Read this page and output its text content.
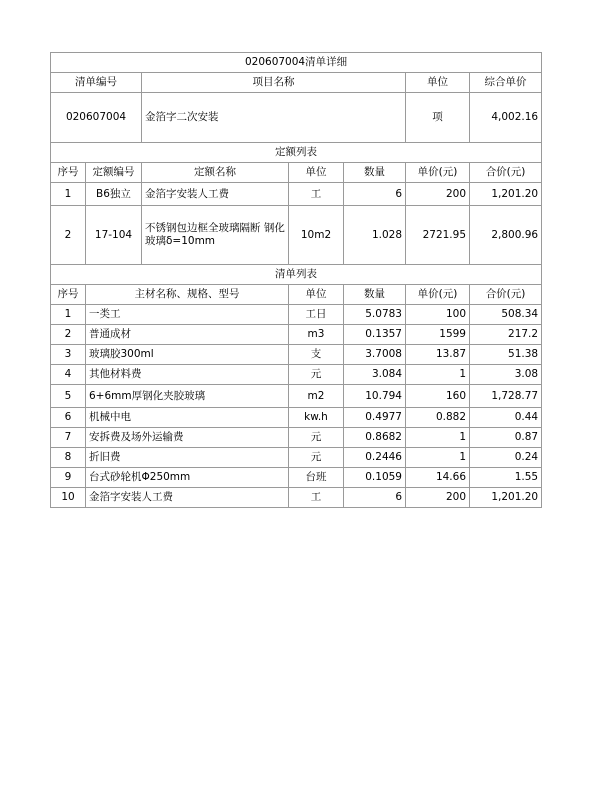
020607004清单详细						
清单编号		项目名称			单位	综合单价
020607004		金箔字二次安装			项	4,002.16
定额列表						
序号	定额编号	定额名称	单位	数量	单价(元)	合价(元)
1	B6独立	金箔字安装人工费	工	6	200	1,201.20
2	17-104	不锈钢包边框全玻璃隔断 钢化玻璃δ=10mm	10m2	1.028	2721.95	2,800.96
清单列表						
序号	主材名称、规格、型号		单位	数量	单价(元)	合价(元)
1	一类工		工日	5.0783	100	508.34
2	普通成材		m3	0.1357	1599	217.2
3	玻璃胶300ml		支	3.7008	13.87	51.38
4	其他材料费		元	3.084	1	3.08
5	6+6mm厚钢化夹胶玻璃		m2	10.794	160	1,728.77
6	机械中电		kw.h	0.4977	0.882	0.44
7	安拆费及场外运输费		元	0.8682	1	0.87
8	折旧费		元	0.2446	1	0.24
9	台式砂轮机Φ250mm		台班	0.1059	14.66	1.55
10	金箔字安装人工费		工	6	200	1,201.20
